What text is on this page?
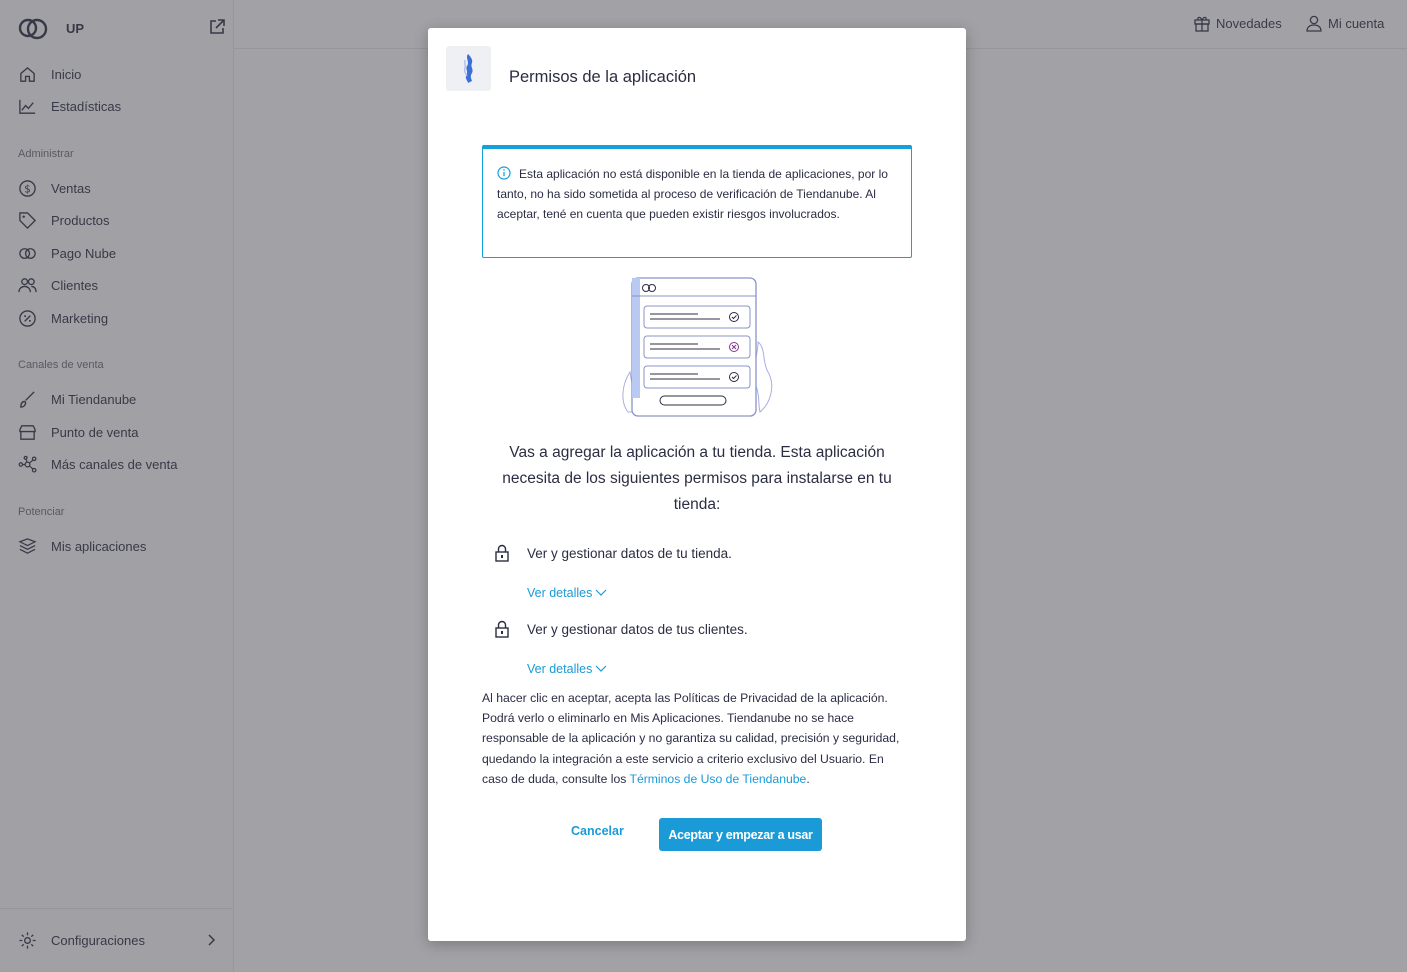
Permisos de la aplicación
Esta aplicación no está disponible en la tienda de aplicaciones, por lo tanto, no ha sido sometida al proceso de verificación de Tiendanube. Al aceptar, tené en cuenta que pueden existir riesgos involucrados.
Vas a agregar la aplicación a tu tienda. Esta aplicación necesita de los siguientes permisos para instalarse en tu tienda:
Ver y gestionar datos de tu tienda.
Ver detalles
Ver y gestionar datos de tus clientes.
Ver detalles
Al hacer clic en aceptar, acepta las Políticas de Privacidad de la aplicación. Podrá verlo o eliminarlo en Mis Aplicaciones. Tiendanube no se hace responsable de la aplicación y no garantiza su calidad, precisión y seguridad, quedando la integración a este servicio a criterio exclusivo del Usuario. En caso de duda, consulte los Términos de Uso de Tiendanube.
Cancelar	Aceptar y empezar a usar
